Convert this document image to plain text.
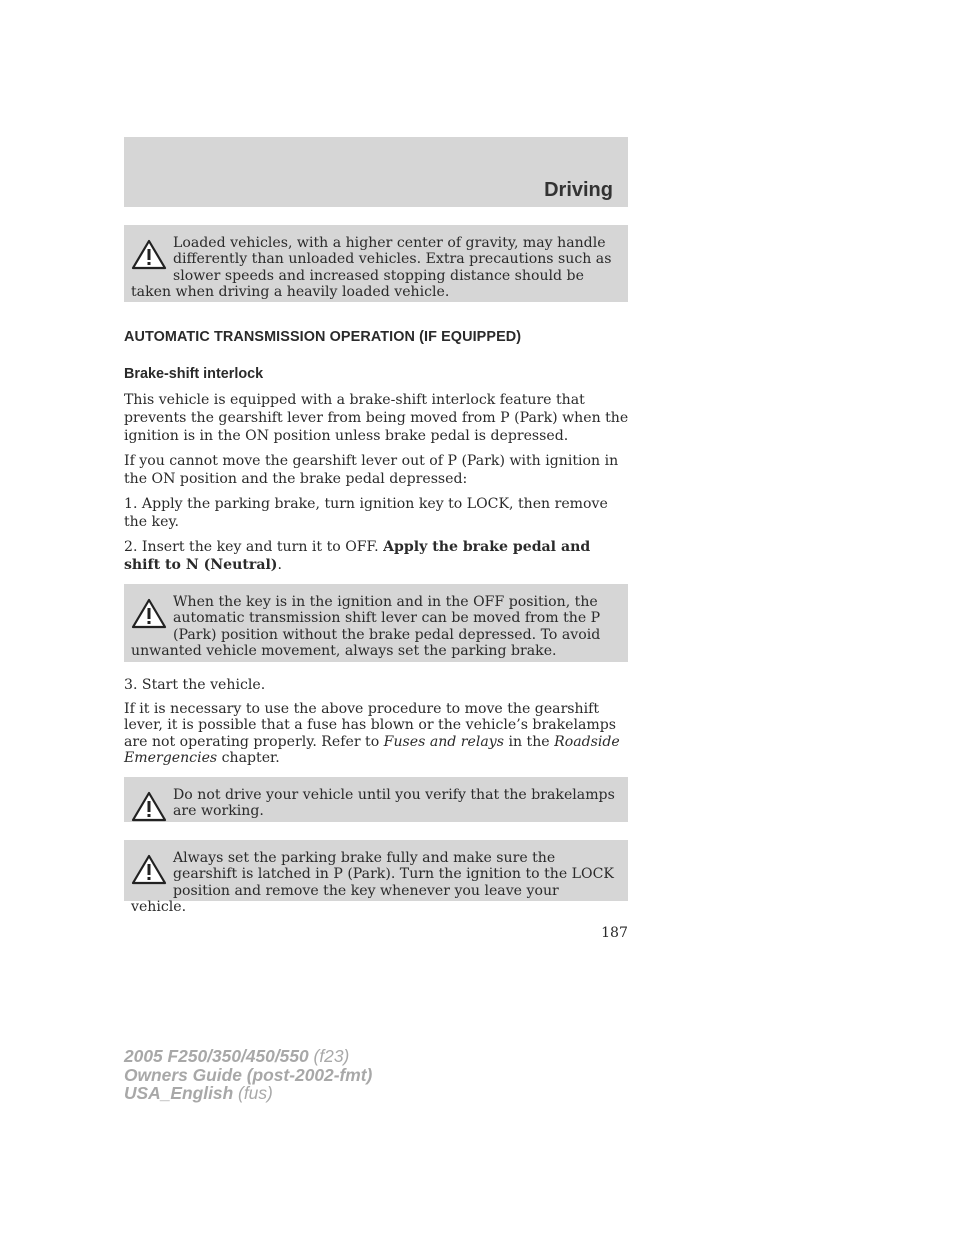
Driving
Loaded vehicles, with a higher center of gravity, may handle differently than unloaded vehicles. Extra precautions such as slower speeds and increased stopping distance should be taken when driving a heavily loaded vehicle.
AUTOMATIC TRANSMISSION OPERATION (IF EQUIPPED)
Brake-shift interlock
This vehicle is equipped with a brake-shift interlock feature that prevents the gearshift lever from being moved from P (Park) when the ignition is in the ON position unless brake pedal is depressed.
If you cannot move the gearshift lever out of P (Park) with ignition in the ON position and the brake pedal depressed:
1. Apply the parking brake, turn ignition key to LOCK, then remove the key.
2. Insert the key and turn it to OFF. Apply the brake pedal and shift to N (Neutral).
When the key is in the ignition and in the OFF position, the automatic transmission shift lever can be moved from the P (Park) position without the brake pedal depressed. To avoid unwanted vehicle movement, always set the parking brake.
3. Start the vehicle.
If it is necessary to use the above procedure to move the gearshift lever, it is possible that a fuse has blown or the vehicle’s brakelamps are not operating properly. Refer to Fuses and relays in the Roadside Emergencies chapter.
Do not drive your vehicle until you verify that the brakelamps are working.
Always set the parking brake fully and make sure the gearshift is latched in P (Park). Turn the ignition to the LOCK position and remove the key whenever you leave your vehicle.
187
2005 F250/350/450/550 (f23)
Owners Guide (post-2002-fmt)
USA_English (fus)
